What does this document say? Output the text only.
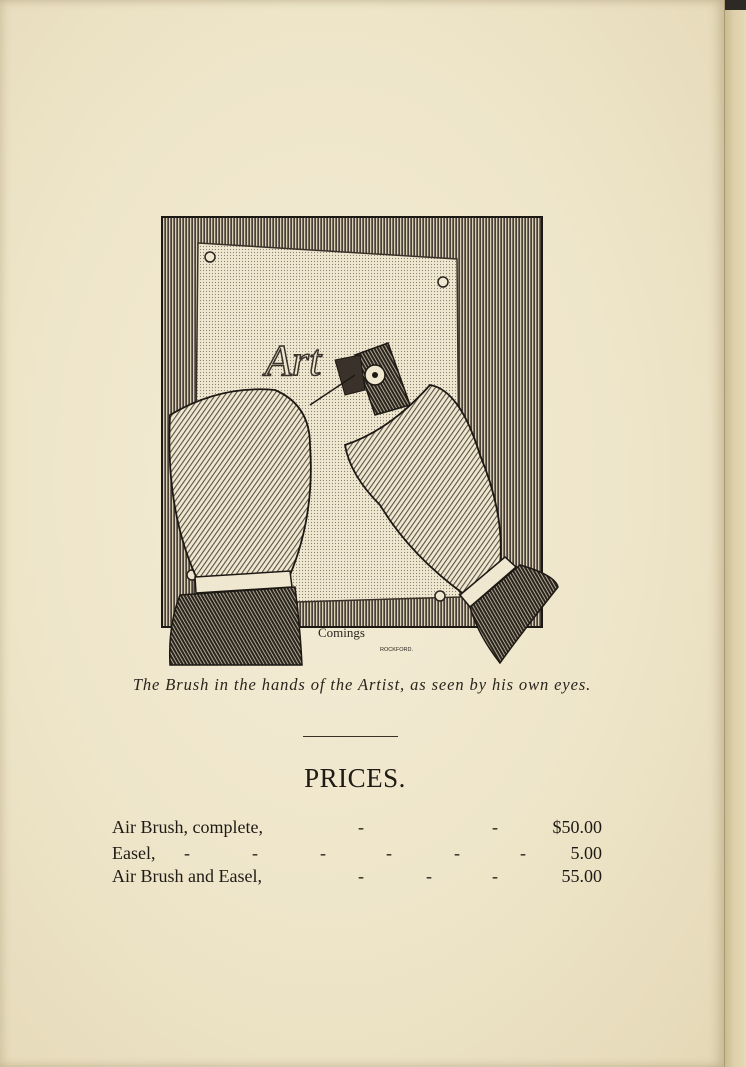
Art
Comings
ROCKFORD.
The Brush in the hands of the Artist, as seen by his own eyes.
PRICES.
Air Brush, complete,	-	-	$50.00
Easel, -	-	-	-	-	- 5.00
Air Brush and Easel,	-	-	-	55.00
